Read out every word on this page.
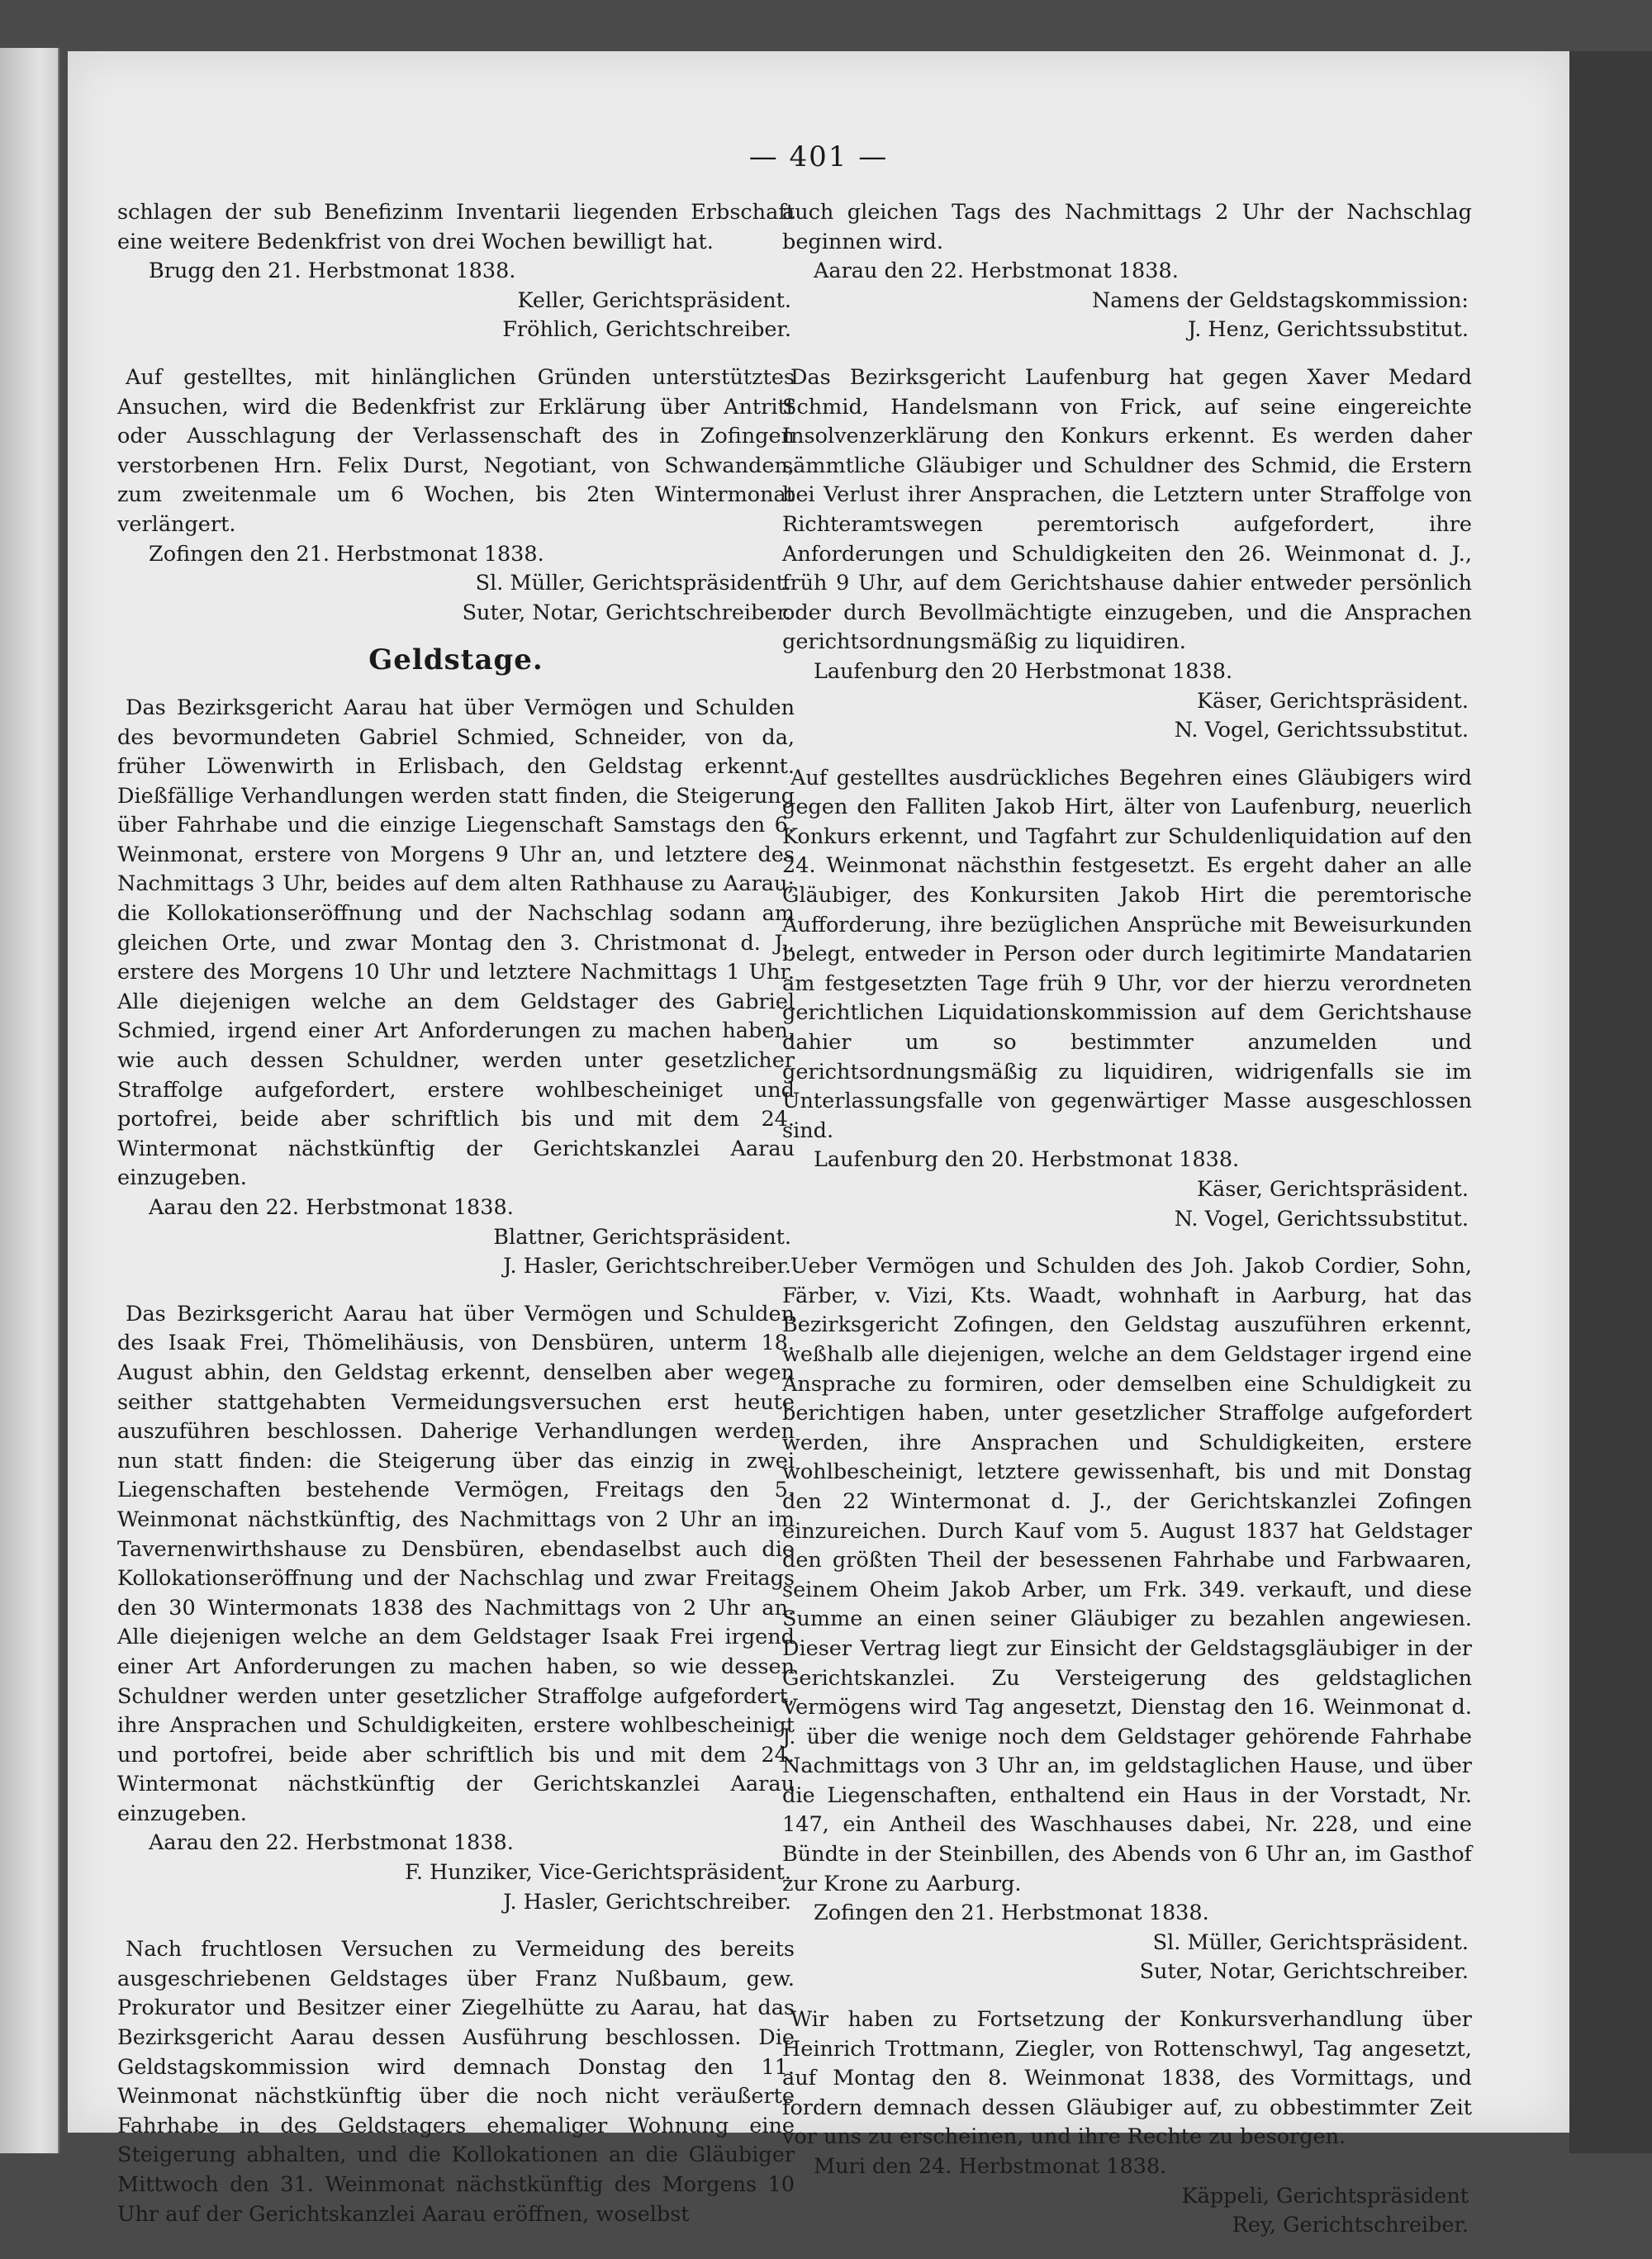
— 401 —

schlagen der sub Benefizinm Inventarii liegenden Erbschaft eine weitere Bedenkfrist von drei Wochen bewilligt hat.

Brugg den 21. Herbstmonat 1838.

Keller, Gerichtspräsident.

Fröhlich, Gerichtschreiber.

Auf gestelltes, mit hinlänglichen Gründen unterstütztes Ansuchen, wird die Bedenkfrist zur Erklärung über Antritt oder Ausschlagung der Verlassenschaft des in Zofingen verstorbenen Hrn. Felix Durst, Negotiant, von Schwanden, zum zweitenmale um 6 Wochen, bis 2ten Wintermonat verlängert.

Zofingen den 21. Herbstmonat 1838.

Sl. Müller, Gerichtspräsident.

Suter, Notar, Gerichtschreiber.

Geldstage.

Das Bezirksgericht Aarau hat über Vermögen und Schulden des bevormundeten Gabriel Schmied, Schneider, von da, früher Löwenwirth in Erlisbach, den Geldstag erkennt. Dießfällige Verhandlungen werden statt finden, die Steigerung über Fahrhabe und die einzige Liegenschaft Samstags den 6. Weinmonat, erstere von Morgens 9 Uhr an, und letztere des Nachmittags 3 Uhr, beides auf dem alten Rathhause zu Aarau; die Kollokationseröffnung und der Nachschlag sodann am gleichen Orte, und zwar Montag den 3. Christmonat d. J., erstere des Morgens 10 Uhr und letztere Nachmittags 1 Uhr. Alle diejenigen welche an dem Geldstager des Gabriel Schmied, irgend einer Art Anforderungen zu machen haben, wie auch dessen Schuldner, werden unter gesetzlicher Straffolge aufgefordert, erstere wohlbescheiniget und portofrei, beide aber schriftlich bis und mit dem 24. Wintermonat nächstkünftig der Gerichtskanzlei Aarau einzugeben.

Aarau den 22. Herbstmonat 1838.

Blattner, Gerichtspräsident.

J. Hasler, Gerichtschreiber.

Das Bezirksgericht Aarau hat über Vermögen und Schulden des Isaak Frei, Thömelihäusis, von Densbüren, unterm 18. August abhin, den Geldstag erkennt, denselben aber wegen seither stattgehabten Vermeidungsversuchen erst heute auszuführen beschlossen. Daherige Verhandlungen werden nun statt finden: die Steigerung über das einzig in zwei Liegenschaften bestehende Vermögen, Freitags den 5. Weinmonat nächstkünftig, des Nachmittags von 2 Uhr an im Tavernenwirthshause zu Densbüren, ebendaselbst auch die Kollokationseröffnung und der Nachschlag und zwar Freitags den 30 Wintermonats 1838 des Nachmittags von 2 Uhr an. Alle diejenigen welche an dem Geldstager Isaak Frei irgend einer Art Anforderungen zu machen haben, so wie dessen Schuldner werden unter gesetzlicher Straffolge aufgefordert, ihre Ansprachen und Schuldigkeiten, erstere wohlbescheinigt und portofrei, beide aber schriftlich bis und mit dem 24. Wintermonat nächstkünftig der Gerichtskanzlei Aarau einzugeben.

Aarau den 22. Herbstmonat 1838.

F. Hunziker, Vice-Gerichtspräsident.

J. Hasler, Gerichtschreiber.

Nach fruchtlosen Versuchen zu Vermeidung des bereits ausgeschriebenen Geldstages über Franz Nußbaum, gew. Prokurator und Besitzer einer Ziegelhütte zu Aarau, hat das Bezirksgericht Aarau dessen Ausführung beschlossen. Die Geldstagskommission wird demnach Donstag den 11. Weinmonat nächstkünftig über die noch nicht veräußerte Fahrhabe in des Geldstagers ehemaliger Wohnung eine Steigerung abhalten, und die Kollokationen an die Gläubiger Mittwoch den 31. Weinmonat nächstkünftig des Morgens 10 Uhr auf der Gerichtskanzlei Aarau eröffnen, woselbst

auch gleichen Tags des Nachmittags 2 Uhr der Nachschlag beginnen wird.

Aarau den 22. Herbstmonat 1838.

Namens der Geldstagskommission:

J. Henz, Gerichtssubstitut.

Das Bezirksgericht Laufenburg hat gegen Xaver Medard Schmid, Handelsmann von Frick, auf seine eingereichte Insolvenzerklärung den Konkurs erkennt. Es werden daher sämmtliche Gläubiger und Schuldner des Schmid, die Erstern bei Verlust ihrer Ansprachen, die Letztern unter Straffolge von Richteramtswegen peremtorisch aufgefordert, ihre Anforderungen und Schuldigkeiten den 26. Weinmonat d. J., früh 9 Uhr, auf dem Gerichtshause dahier entweder persönlich oder durch Bevollmächtigte einzugeben, und die Ansprachen gerichtsordnungsmäßig zu liquidiren.

Laufenburg den 20 Herbstmonat 1838.

Käser, Gerichtspräsident.

N. Vogel, Gerichtssubstitut.

Auf gestelltes ausdrückliches Begehren eines Gläubigers wird gegen den Falliten Jakob Hirt, älter von Laufenburg, neuerlich Konkurs erkennt, und Tagfahrt zur Schuldenliquidation auf den 24. Weinmonat nächsthin festgesetzt. Es ergeht daher an alle Gläubiger, des Konkursiten Jakob Hirt die peremtorische Aufforderung, ihre bezüglichen Ansprüche mit Beweisurkunden belegt, entweder in Person oder durch legitimirte Mandatarien am festgesetzten Tage früh 9 Uhr, vor der hierzu verordneten gerichtlichen Liquidationskommission auf dem Gerichtshause dahier um so bestimmter anzumelden und gerichtsordnungsmäßig zu liquidiren, widrigenfalls sie im Unterlassungsfalle von gegenwärtiger Masse ausgeschlossen sind.

Laufenburg den 20. Herbstmonat 1838.

Käser, Gerichtspräsident.

N. Vogel, Gerichtssubstitut.

Ueber Vermögen und Schulden des Joh. Jakob Cordier, Sohn, Färber, v. Vizi, Kts. Waadt, wohnhaft in Aarburg, hat das Bezirksgericht Zofingen, den Geldstag auszuführen erkennt, weßhalb alle diejenigen, welche an dem Geldstager irgend eine Ansprache zu formiren, oder demselben eine Schuldigkeit zu berichtigen haben, unter gesetzlicher Straffolge aufgefordert werden, ihre Ansprachen und Schuldigkeiten, erstere wohlbescheinigt, letztere gewissenhaft, bis und mit Donstag den 22 Wintermonat d. J., der Gerichtskanzlei Zofingen einzureichen. Durch Kauf vom 5. August 1837 hat Geldstager den größten Theil der besessenen Fahrhabe und Farbwaaren, seinem Oheim Jakob Arber, um Frk. 349. verkauft, und diese Summe an einen seiner Gläubiger zu bezahlen angewiesen. Dieser Vertrag liegt zur Einsicht der Geldstagsgläubiger in der Gerichtskanzlei. Zu Versteigerung des geldstaglichen Vermögens wird Tag angesetzt, Dienstag den 16. Weinmonat d. J. über die wenige noch dem Geldstager gehörende Fahrhabe Nachmittags von 3 Uhr an, im geldstaglichen Hause, und über die Liegenschaften, enthaltend ein Haus in der Vorstadt, Nr. 147, ein Antheil des Waschhauses dabei, Nr. 228, und eine Bündte in der Steinbillen, des Abends von 6 Uhr an, im Gasthof zur Krone zu Aarburg.

Zofingen den 21. Herbstmonat 1838.

Sl. Müller, Gerichtspräsident.

Suter, Notar, Gerichtschreiber.

Wir haben zu Fortsetzung der Konkursverhandlung über Heinrich Trottmann, Ziegler, von Rottenschwyl, Tag angesetzt, auf Montag den 8. Weinmonat 1838, des Vormittags, und fordern demnach dessen Gläubiger auf, zu obbestimmter Zeit vor uns zu erscheinen, und ihre Rechte zu besorgen.

Muri den 24. Herbstmonat 1838.

Käppeli, Gerichtspräsident

Rey, Gerichtschreiber.
